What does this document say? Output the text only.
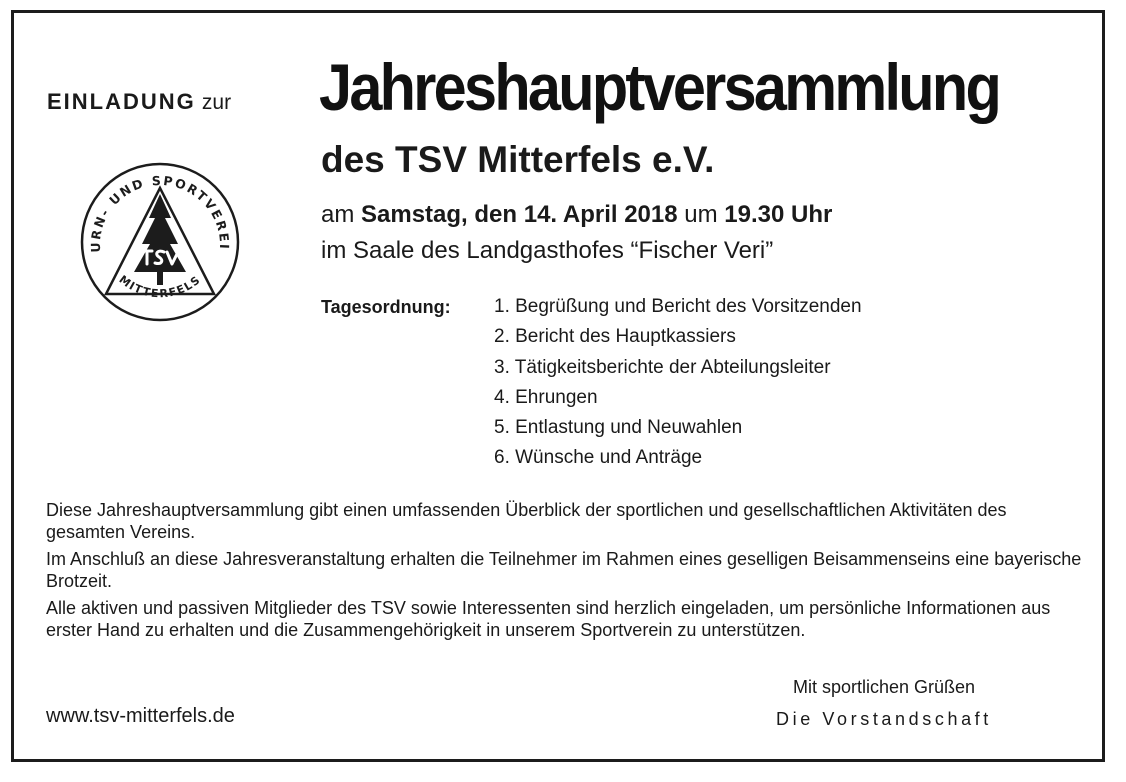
EINLADUNG zur Jahreshauptversammlung
des TSV Mitterfels e.V.
am Samstag, den 14. April 2018 um 19.30 Uhr
im Saale des Landgasthofes “Fischer Veri”
Tagesordnung: 1. Begrüßung und Bericht des Vorsitzenden
2. Bericht des Hauptkassiers
3. Tätigkeitsberichte der Abteilungsleiter
4. Ehrungen
5. Entlastung und Neuwahlen
6. Wünsche und Anträge

Diese Jahreshauptversammlung gibt einen umfassenden Überblick der sportlichen und gesellschaftlichen Aktivitäten des gesamten Vereins.

Im Anschluß an diese Jahresveranstaltung erhalten die Teilnehmer im Rahmen eines geselligen Beisammenseins eine bayerische Brotzeit.

Alle aktiven und passiven Mitglieder des TSV sowie Interessenten sind herzlich eingeladen, um persönliche Informationen aus erster Hand zu erhalten und die Zusammengehörigkeit in unserem Sportverein zu unterstützen.

www.tsv-mitterfels.de
Mit sportlichen Grüßen
Die Vorstandschaft
URN- UND SPORTVEREI
MITTERFELS
